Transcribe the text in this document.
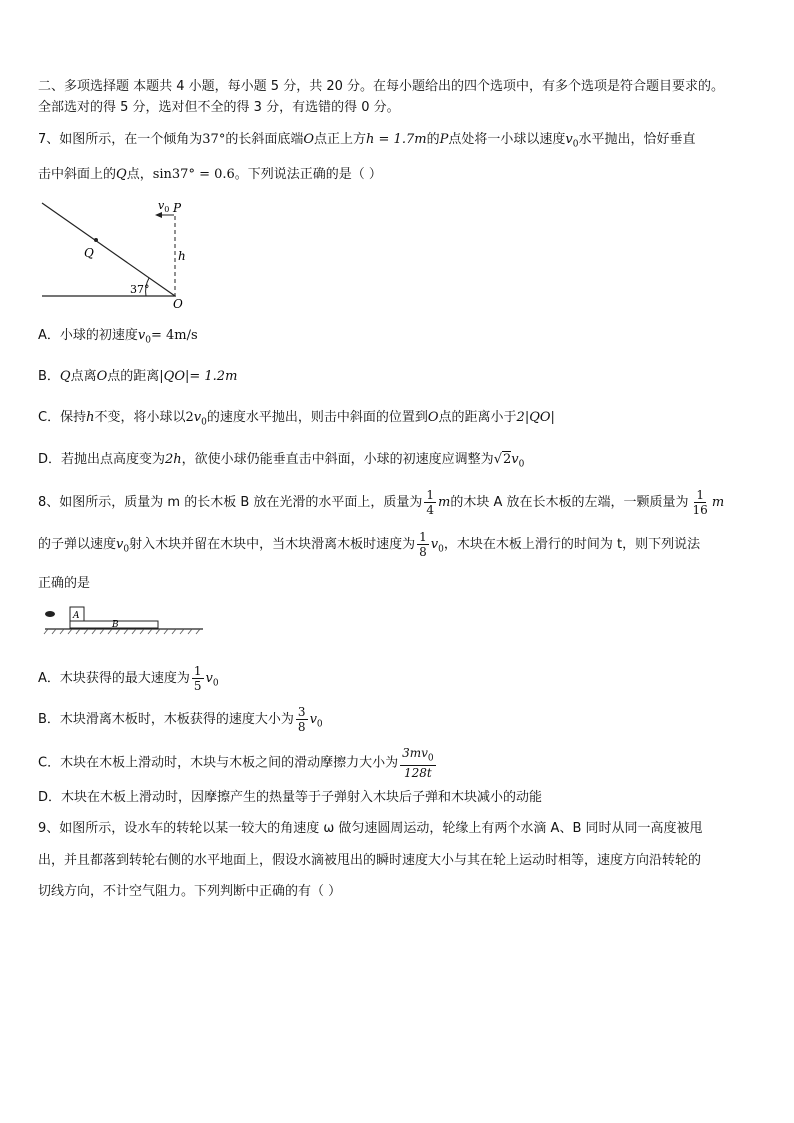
二、多项选择题 本题共 4 小题，每小题 5 分，共 20 分。在每小题给出的四个选项中，有多个选项是符合题目要求的。
全部选对的得 5 分，选对但不全的得 3 分，有选错的得 0 分。
7、如图所示，在一个倾角为37°的长斜面底端O点正上方h = 1.7m的P点处将一小球以速度$v_0$水平抛出，恰好垂直
击中斜面上的Q点，sin37° = 0.6。下列说法正确的是（ ）
$v_0$ P
Q	h
37°
O
A．小球的初速度$v_0= 4m/s$
B．Q点离O点的距离|QO|= 1.2m
C．保持h不变，将小球以$2v_0$的速度水平抛出，则击中斜面的位置到O点的距离小于2|QO|
D．若抛出点高度变为2h，欲使小球仍能垂直击中斜面，小球的初速度应调整为$√2v_0$
8、如图所示，质量为 m 的长木板 B 放在光滑的水平面上，质量为 $\frac{1}{4}$ m的木块 A 放在长木板的左端，一颗质量为 $\frac{1}{16}$ m
的子弹以速度$v_0$射入木块并留在木块中，当木块滑离木板时速度为 $\frac{1}{8} v_0$，木块在木板上滑行的时间为 t，则下列说法
正确的是
A
B
A．木块获得的最大速度为 $\frac{1}{5} v_0$
B．木块滑离木板时，木板获得的速度大小为 $\frac{3}{8} v_0$
C．木块在木板上滑动时，木块与木板之间的滑动摩擦力大小为 $\frac{3mv_0}{128t}$
D．木块在木板上滑动时，因摩擦产生的热量等于子弹射入木块后子弹和木块减小的动能
9、如图所示，设水车的转轮以某一较大的角速度 ω 做匀速圆周运动，轮缘上有两个水滴 A、B 同时从同一高度被甩
出，并且都落到转轮右侧的水平地面上，假设水滴被甩出的瞬时速度大小与其在轮上运动时相等，速度方向沿转轮的
切线方向，不计空气阻力。下列判断中正确的有（ ）
